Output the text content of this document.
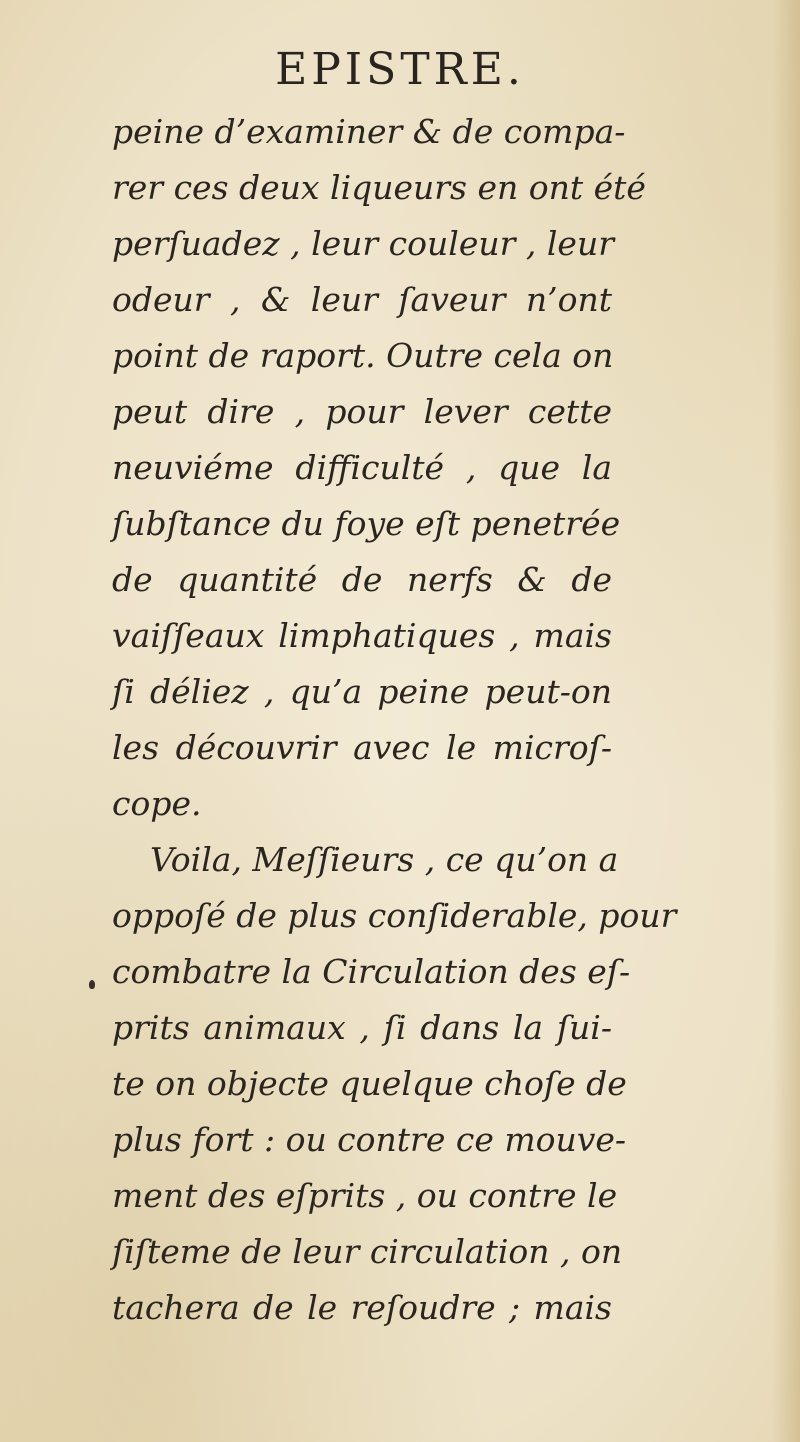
EPISTRE.
peine d’examiner & de compa-
rer ces deux liqueurs en ont été
perſuadez , leur couleur , leur
odeur , & leur ſaveur n’ont
point de raport. Outre cela on
peut dire , pour lever cette
neuviéme difficulté , que la
ſubſtance du foye eſt penetrée
de quantité de nerfs & de
vaiſſeaux limphatiques , mais
ſi déliez , qu’a peine peut-on
les découvrir avec le microſ-
cope.
Voila, Meſſieurs , ce qu’on a
oppoſé de plus conſiderable, pour
combatre la Circulation des eſ-
prits animaux , ſi dans la ſui-
te on objecte quelque choſe de
plus fort : ou contre ce mouve-
ment des eſprits , ou contre le
ſiſteme de leur circulation , on
tachera de le reſoudre ; mais
